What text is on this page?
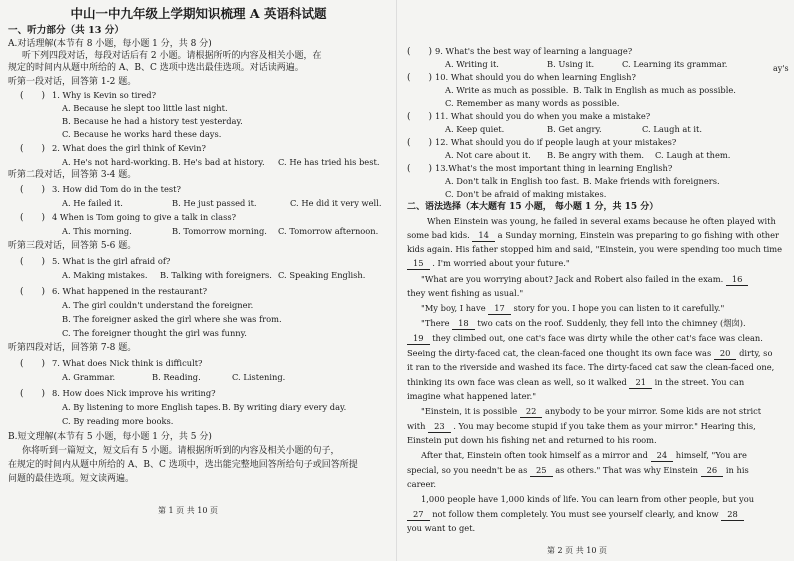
中山一中九年级上学期知识梳理 A 英语科试题
一、听力部分（共 13 分）
A.对话理解(本节有 8 小题，每小题 1 分，共 8 分)
听下列四段对话，每段对话后有 2 小题。请根据所听的内容及相关小题，在
规定的时间内从题中所给的 A、B、C 选项中选出最佳选项。对话读两遍。
听第一段对话，回答第 1-2 题。
(　　) 1. Why is Kevin so tired?
A. Because he slept too little last night.
B. Because he had a history test yesterday.
C. Because he works hard these days.
(　　) 2. What does the girl think of Kevin?
A. He's not hard-working. B. He's bad at history. C. He has tried his best.
听第二段对话，回答第 3-4 题。
(　　) 3. How did Tom do in the test?
A. He failed it.	B. He just passed it.	C. He did it very well.
(　　) 4 When is Tom going to give a talk in class?
A. This morning.	B. Tomorrow morning. C. Tomorrow afternoon.
听第三段对话，回答第 5-6 题。
(　　) 5. What is the girl afraid of?
A. Making mistakes. B. Talking with foreigners. C. Speaking English.
(　　) 6. What happened in the restaurant?
A. The girl couldn't understand the foreigner.
B. The foreigner asked the girl where she was from.
C. The foreigner thought the girl was funny.
听第四段对话，回答第 7-8 题。
(　　) 7. What does Nick think is difficult?
A. Grammar.	B. Reading.	C. Listening.
(　　) 8. How does Nick improve his writing?
A. By listening to more English tapes. B. By writing diary every day.
C. By reading more books.
B.短文理解(本节有 5 小题，每小题 1 分，共 5 分)
你将听到一篇短文，短文后有 5 小题。请根据所听到的内容及相关小题的句子，
在规定的时间内从题中所给的 A、B、C 选项中，选出能完整地回答所给句子或回答所提
问题的最佳选项。短文读两遍。
第 1 页 共 10 页
ay's
(　　) 9. What's the best way of learning a language?
A. Writing it.	B. Using it.	C. Learning its grammar.
(　　) 10. What should you do when learning English?
A. Write as much as possible. B. Talk in English as much as possible.
C. Remember as many words as possible.
(　　) 11. What should you do when you make a mistake?
A. Keep quiet.	B. Get angry.	C. Laugh at it.
(　　) 12. What should you do if people laugh at your mistakes?
A. Not care about it. B. Be angry with them. C. Laugh at them.
(　　) 13.What's the most important thing in learning English?
A. Don't talk in English too fast. B. Make friends with foreigners.
C. Don't be afraid of making mistakes.
二、语法选择（本大题有 15 小题， 每小题 1 分，共 15 分）
When Einstein was young, he failed in several exams because he often played with
some bad kids. 14 a Sunday morning, Einstein was preparing to go fishing with other
kids again. His father stopped him and said, "Einstein, you were spending too much time
15 . I'm worried about your future."
"What are you worrying about? Jack and Robert also failed in the exam. 16
they went fishing as usual."
"My boy, I have 17 story for you. I hope you can listen to it carefully."
"There 18 two cats on the roof. Suddenly, they fell into the chimney (烟囱).
19 they climbed out, one cat's face was dirty while the other cat's face was clean.
Seeing the dirty-faced cat, the clean-faced one thought its own face was 20 dirty, so
it ran to the riverside and washed its face. The dirty-faced cat saw the clean-faced one,
thinking its own face was clean as well, so it walked 21 in the street. You can
imagine what happened later."
"Einstein, it is possible 22 anybody to be your mirror. Some kids are not strict
with 23 . You may become stupid if you take them as your mirror." Hearing this,
Einstein put down his fishing net and returned to his room.
After that, Einstein often took himself as a mirror and 24 himself, "You are
special, so you needn't be as 25 as others." That was why Einstein 26 in his
career.
1,000 people have 1,000 kinds of life. You can learn from other people, but you
27 not follow them completely. You must see yourself clearly, and know 28
you want to get.
第 2 页 共 10 页
